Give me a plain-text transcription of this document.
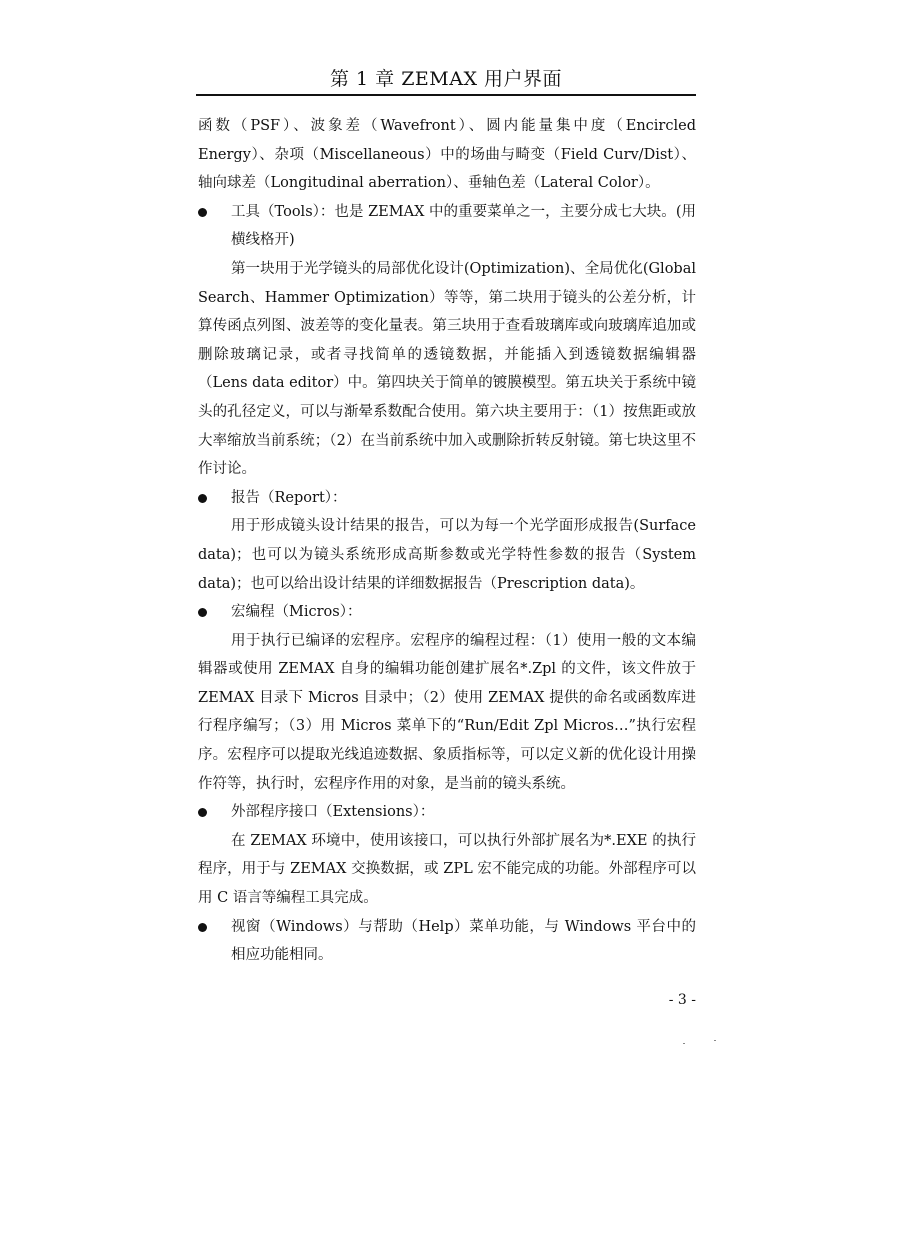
第 1 章 ZEMAX 用户界面

函数（PSF）、波象差（Wavefront）、圆内能量集中度（Encircled Energy）、杂项（Miscellaneous）中的场曲与畸变（Field Curv/Dist）、轴向球差（Longitudinal aberration）、垂轴色差（Lateral Color）。

工具（Tools）：也是 ZEMAX 中的重要菜单之一，主要分成七大块。(用横线格开)

第一块用于光学镜头的局部优化设计(Optimization)、全局优化(Global Search、Hammer Optimization）等等，第二块用于镜头的公差分析，计算传函点列图、波差等的变化量表。第三块用于查看玻璃库或向玻璃库追加或删除玻璃记录，或者寻找简单的透镜数据，并能插入到透镜数据编辑器（Lens data editor）中。第四块关于简单的镀膜模型。第五块关于系统中镜头的孔径定义，可以与渐晕系数配合使用。第六块主要用于：（1）按焦距或放大率缩放当前系统；（2）在当前系统中加入或删除折转反射镜。第七块这里不作讨论。

报告（Report）：

用于形成镜头设计结果的报告，可以为每一个光学面形成报告(Surface data)；也可以为镜头系统形成高斯参数或光学特性参数的报告（System data)；也可以给出设计结果的详细数据报告（Prescription data)。

宏编程（Micros）：

用于执行已编译的宏程序。宏程序的编程过程：（1）使用一般的文本编辑器或使用 ZEMAX 自身的编辑功能创建扩展名*.Zpl 的文件，该文件放于 ZEMAX 目录下 Micros 目录中；（2）使用 ZEMAX 提供的命名或函数库进行程序编写；（3）用 Micros 菜单下的“Run/Edit Zpl Micros…”执行宏程序。宏程序可以提取光线追迹数据、象质指标等，可以定义新的优化设计用操作符等，执行时，宏程序作用的对象，是当前的镜头系统。

外部程序接口（Extensions）：

在 ZEMAX 环境中，使用该接口，可以执行外部扩展名为*.EXE 的执行程序，用于与 ZEMAX 交换数据，或 ZPL 宏不能完成的功能。外部程序可以用 C 语言等编程工具完成。

视窗（Windows）与帮助（Help）菜单功能，与 Windows 平台中的相应功能相同。

- 3 -
